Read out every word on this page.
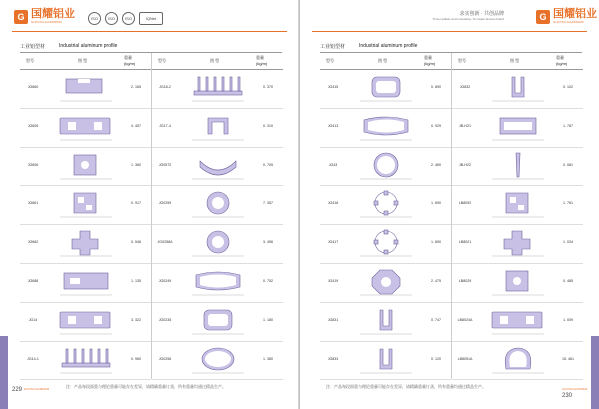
G 国耀铝业
GUOYAO ALUMINIUM
ISO	ISO	ISO	IQNet
工业铝型材	Industrial aluminum profile
型号	图 型
重量
(kg/m)
JG660	2. 165
JG605	4. 457
JG606	1. 360
JG661	0. 917
JG662	0. 546
JG688	1. 135
JG14	3. 322
JG14-1	0. 960
型号	图 型
重量
(kg/m)
JG18-2	0. 370
JG17-4	0. 310
JG0572	0. 705
JG0259	7. 357
JG0258A	3. 456
JG0249	0. 752
JG0235	1. 180
JG0256	1. 380
注：产品每段面重与理论重量可能存在差异，请精确重量订货，所有重量均通过精品生产。
229 GUOYAO ALUMINIUM
求实创新 · 共创品牌
To be realistic and innovative; To create famous brand	G 国耀铝业
GUOYAO ALUMINIUM
工业铝型材	Industrial aluminum profile
型号	图 型
重量
(kg/m)
JG415	0. 890
JG413	0. 929
JG43	2. 460
JG416	1. 690
JG417	1. 690
JG419	2. 475
JG831	0. 747
JG833	0. 120
型号	图 型
重量
(kg/m)
JG832	0. 102
JB-H21	1. 787
JB-H22	0. 081
LB8092	1. 761
LB8021	1. 034
LB8029	0. 485
LB8024A	1. 009
LB8051A	15. 461
注：产品每段面重与理论重量可能存在差异，请精确重量订货，所有重量均通过精品生产。
GUOYAO ALUMINIUM 230
